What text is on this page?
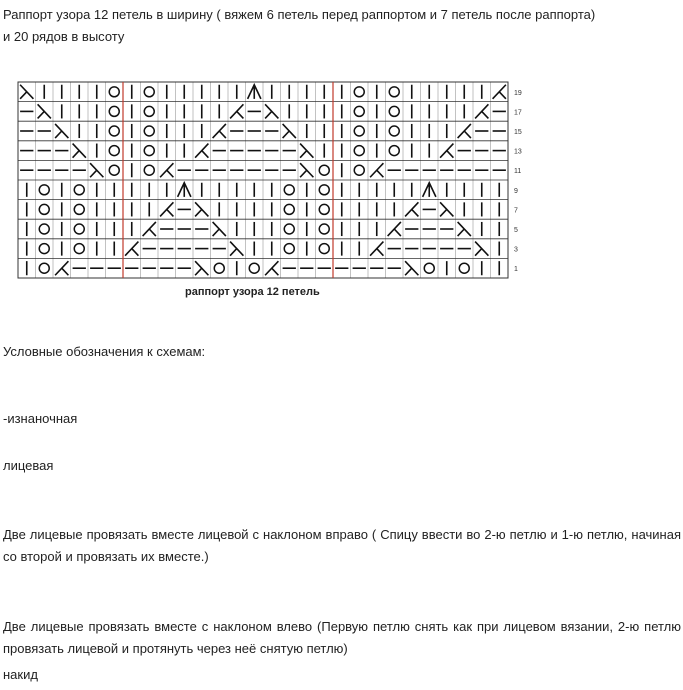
Раппорт узора 12 петель в ширину ( вяжем 6 петель перед раппортом и 7 петель после раппорта)
и 20 рядов в высоту
19
17
15
13
11
9
7
5
3
1
раппорт узора 12 петель
Условные обозначения к схемам:
-изнаночная
лицевая
Две лицевые провязать вместе лицевой с наклоном вправо ( Спицу ввести во 2-ю петлю и 1-ю петлю, начиная со второй и провязать их вместе.)
Две лицевые провязать вместе с наклоном влево (Первую петлю снять как при лицевом вязании, 2-ю петлю провязать лицевой и протянуть через неё снятую петлю)
накид
